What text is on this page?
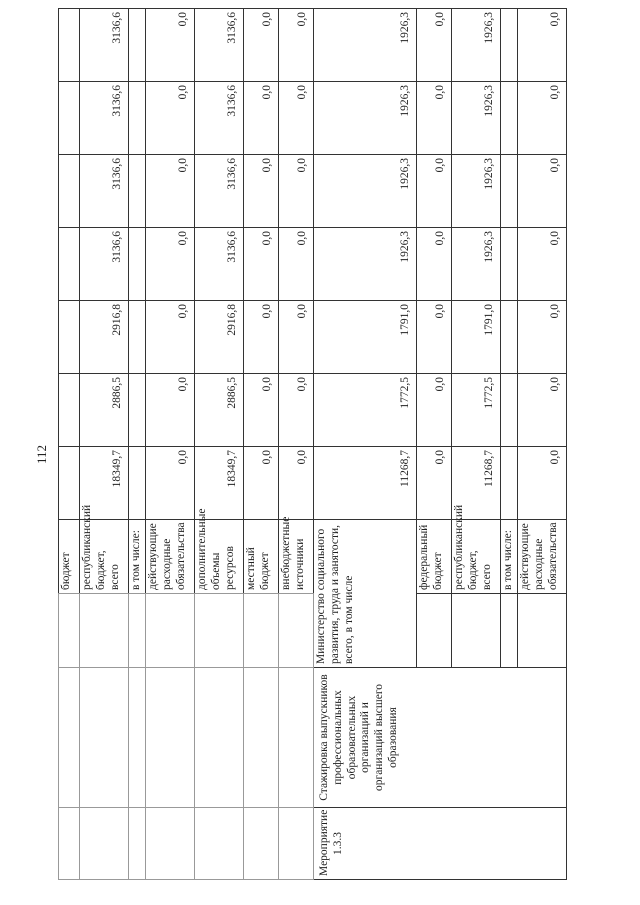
112
			бюджет							
			республиканский бюджет, всего	18349,7	2886,5	2916,8	3136,6	3136,6	3136,6	3136,6
			в том числе:							
			действующие расходные обязательства	0,0	0,0	0,0	0,0	0,0	0,0	0,0
			дополнительные объемы ресурсов	18349,7	2886,5	2916,8	3136,6	3136,6	3136,6	3136,6
			местный бюджет	0,0	0,0	0,0	0,0	0,0	0,0	0,0
			внебюджетные источники	0,0	0,0	0,0	0,0	0,0	0,0	0,0
Мероприятие 1.3.3	Стажировка выпускников профессиональных образовательных организаций и организаций высшего образования	Министерство социального развития, труда и занятости, всего, в том числе		11268,7	1772,5	1791,0	1926,3	1926,3	1926,3	1926,3
			федеральный бюджет	0,0	0,0	0,0	0,0	0,0	0,0	0,0
			республиканский бюджет, всего	11268,7	1772,5	1791,0	1926,3	1926,3	1926,3	1926,3
			в том числе:							
			действующие расходные обязательства	0,0	0,0	0,0	0,0	0,0	0,0	0,0
